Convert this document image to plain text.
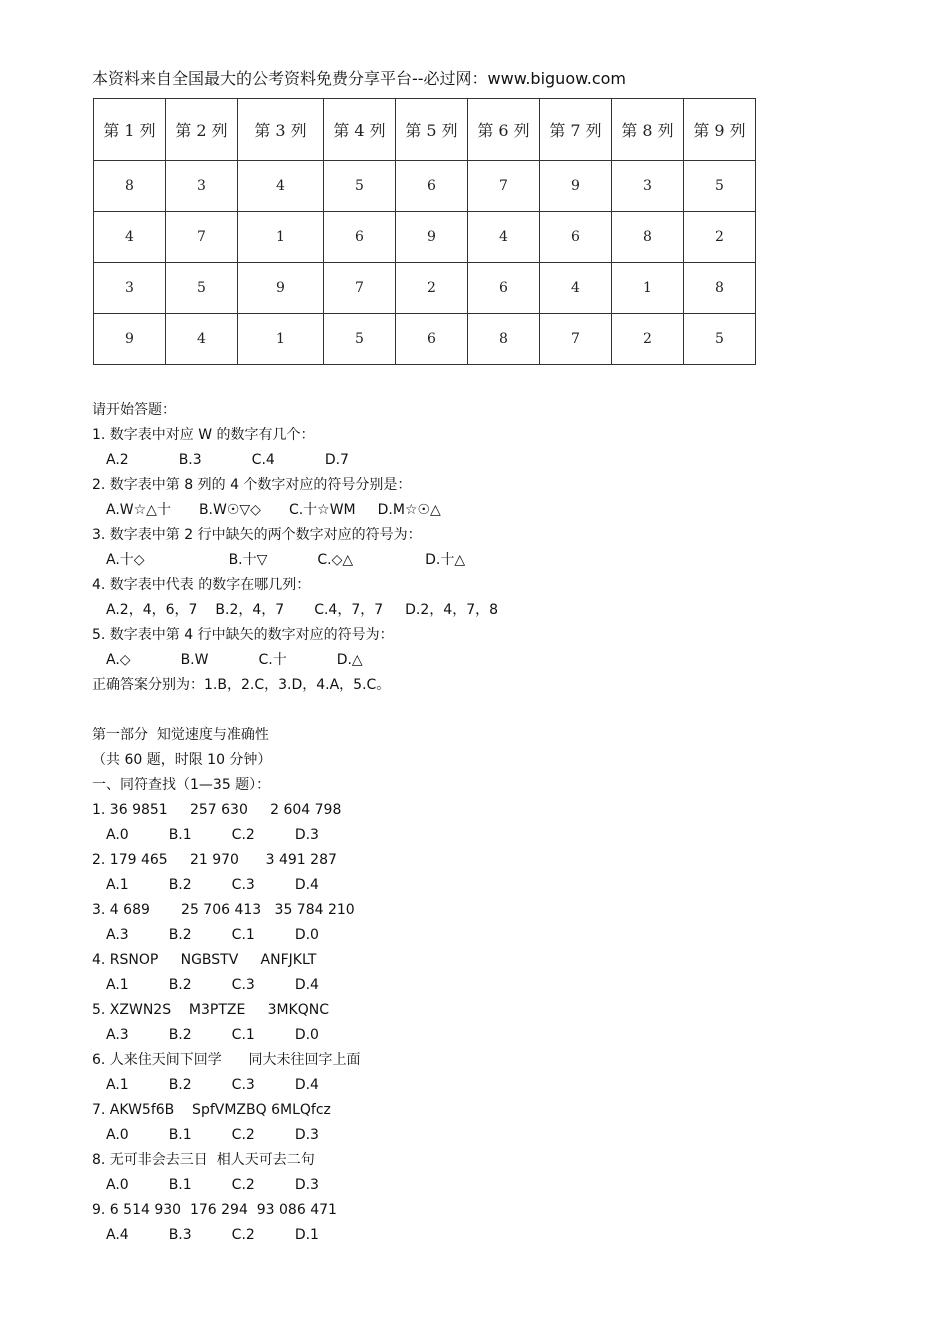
本资料来自全国最大的公考资料免费分享平台--必过网：www.biguow.com
第 1 列	第 2 列	第 3 列	第 4 列	第 5 列	第 6 列	第 7 列	第 8 列	第 9 列
8	3	4	5	6	7	9	3	5
4	7	1	6	9	4	6	8	2
3	5	9	7	2	6	4	1	8
9	4	1	5	6	8	7	2	5
请开始答题：
1. 数字表中对应 W 的数字有几个：
A.2	B.3	C.4	D.7
2. 数字表中第 8 列的 4 个数字对应的符号分别是：
A.W☆△十 B.W☉▽◇ C.十☆WM D.M☆☉△
3. 数字表中第 2 行中缺矢的两个数字对应的符号为：
A.十◇	B.十▽	C.◇△	D.十△
4. 数字表中代表 的数字在哪几列：
A.2，4，6，7 B.2，4，7 C.4，7，7 D.2，4，7，8
5. 数字表中第 4 行中缺矢的数字对应的符号为：
A.◇	B.W	C.十	D.△
正确答案分别为：1.B，2.C，3.D，4.A，5.C。
第一部分  知觉速度与准确性
（共 60 题，时限 10 分钟）
一、同符查找（1—35 题）：
1. 36 9851     257 630     2 604 798
A.0	B.1	C.2	D.3
2. 179 465     21 970      3 491 287
A.1	B.2	C.3	D.4
3. 4 689       25 706 413   35 784 210
A.3	B.2	C.1	D.0
4. RSNOP     NGBSTV     ANFJKLT
A.1	B.2	C.3	D.4
5. XZWN2S    M3PTZE     3MKQNC
A.3	B.2	C.1	D.0
6. 人来住天间下回学      同大未往回字上面
A.1	B.2	C.3	D.4
7. AKW5f6B    SpfVMZBQ 6MLQfcz
A.0	B.1	C.2	D.3
8. 无可非会去三日  相人天可去二句
A.0	B.1	C.2	D.3
9. 6 514 930  176 294  93 086 471
A.4	B.3	C.2	D.1
